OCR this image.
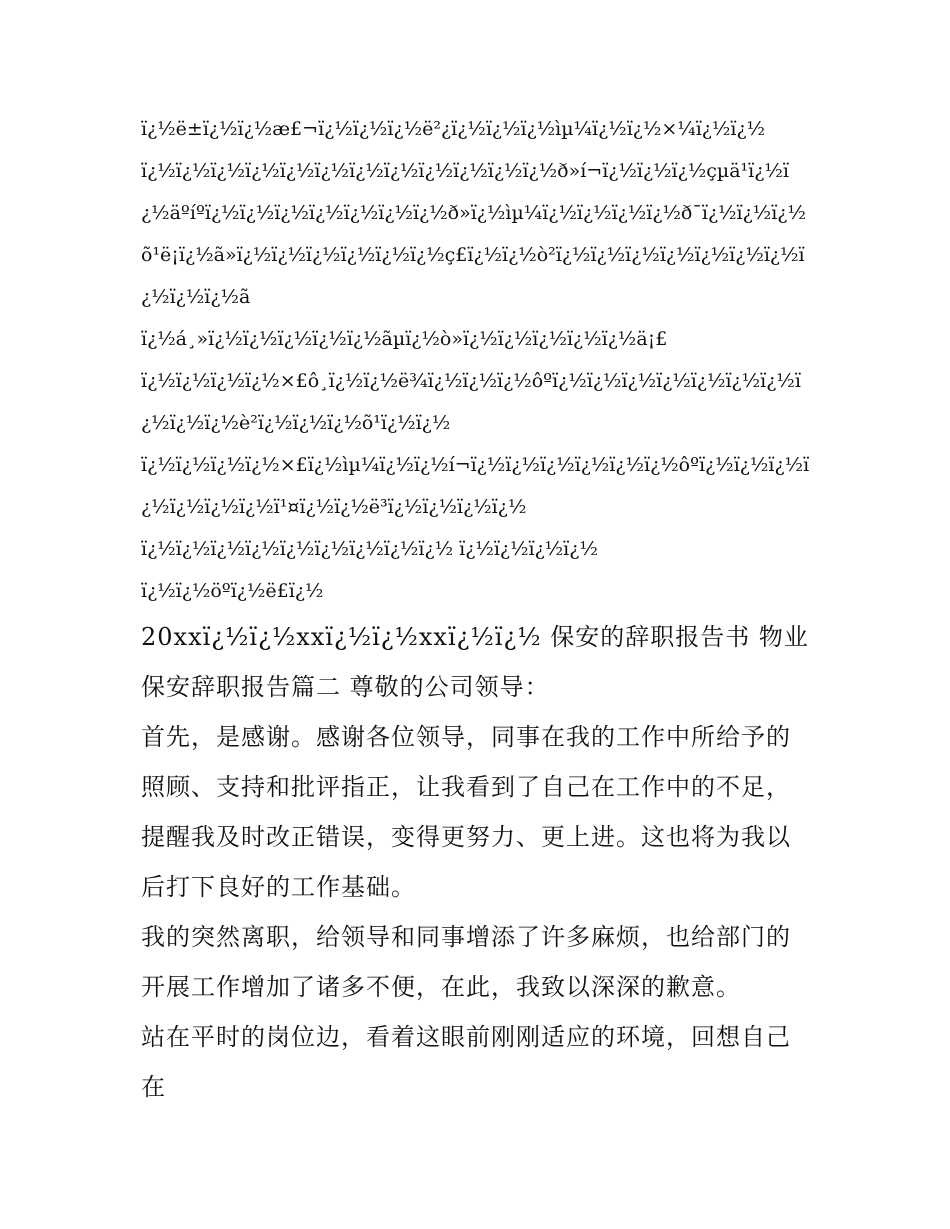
ï¿½ë±ï¿½ï¿½æ£¬ï¿½ï¿½ï¿½ë²¿ï¿½ï¿½ï¿½ìµ¼ï¿½ï¿½×¼ï¿½ï¿½

ï¿½ï¿½ï¿½ï¿½ï¿½ï¿½ï¿½ï¿½ï¿½ï¿½ï¿½ï¿½ð»í¬ï¿½ï¿½ï¿½çµä¹ï¿½ï¿½äºíºï¿½ï¿½ï¿½ï¿½ï¿½ï¿½ï¿½ð»ï¿½ìµ¼ï¿½ï¿½ï¿½ï¿½ð¯ï¿½ï¿½ï¿½õ¹ë¡ï¿½ã»ï¿½ï¿½ï¿½ï¿½ï¿½ï¿½ç£ï¿½ï¿½ò²ï¿½ï¿½ï¿½ï¿½ï¿½ï¿½ï¿½ï¿½ï¿½ï¿½ã

ï¿½á¸»ï¿½ï¿½ï¿½ï¿½ï¿½ãµï¿½ò»ï¿½ï¿½ï¿½ï¿½ï¿½ä¡£

ï¿½ï¿½ï¿½ï¿½×£ô¸ï¿½ï¿½ë¾ï¿½ï¿½ï¿½ôºï¿½ï¿½ï¿½ï¿½ï¿½ï¿½ï¿½ï¿½ï¿½ï¿½è²ï¿½ï¿½ï¿½õ¹ï¿½ï¿½

ï¿½ï¿½ï¿½ï¿½×£ï¿½ìµ¼ï¿½ï¿½í¬ï¿½ï¿½ï¿½ï¿½ï¿½ï¿½ôºï¿½ï¿½ï¿½ï¿½ï¿½ï¿½ï¿½ï¹¤ï¿½ï¿½ë³ï¿½ï¿½ï¿½ï¿½

ï¿½ï¿½ï¿½ï¿½ï¿½ï¿½ï¿½ï¿½ï¿½ ï¿½ï¿½ï¿½ï¿½

ï¿½ï¿½öºï¿½ë£ï¿½

20xxï¿½ï¿½xxï¿½ï¿½xxï¿½ï¿½ 保安的辞职报告书 物业保安辞职报告篇二 尊敬的公司领导：

首先，是感谢。感谢各位领导，同事在我的工作中所给予的照顾、支持和批评指正，让我看到了自己在工作中的不足，提醒我及时改正错误，变得更努力、更上进。这也将为我以后打下良好的工作基础。

我的突然离职，给领导和同事增添了许多麻烦，也给部门的开展工作增加了诸多不便，在此，我致以深深的歉意。

站在平时的岗位边，看着这眼前刚刚适应的环境，回想自己在
